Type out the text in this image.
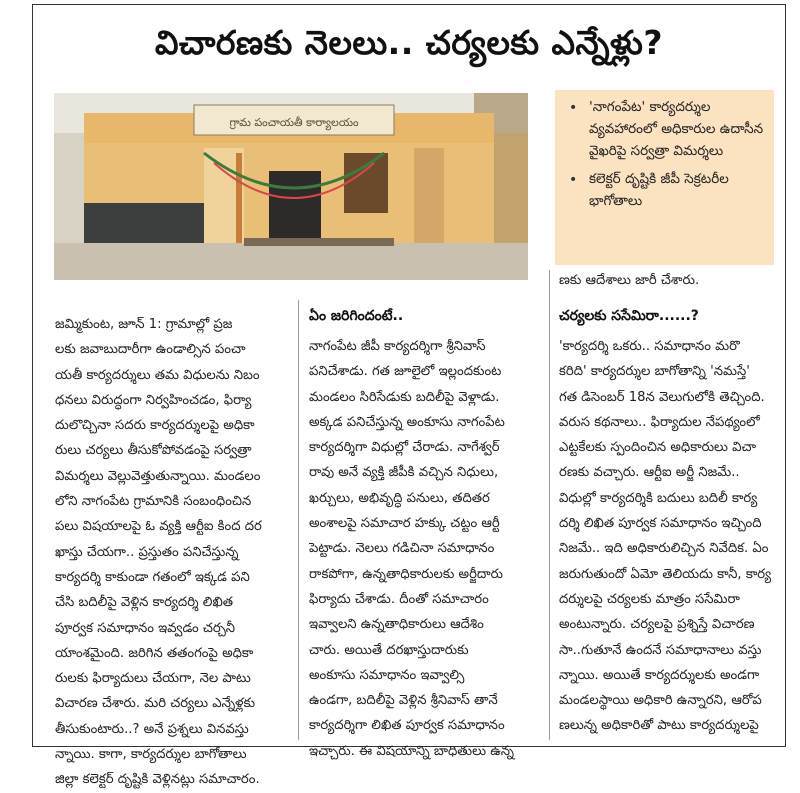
విచారణకు నెలలు.. చర్యలకు ఎన్నేళ్లు?
గ్రామ పంచాయతీ కార్యాలయం
• 'నాగంపేట' కార్యదర్శుల వ్యవహారంలో అధికారుల ఉదాసీన వైఖరిపై సర్వత్రా విమర్శలు
• కలెక్టర్‌ దృష్టికి జీపీ సెక్రటరీల భాగోతాలు

జమ్మికుంట, జూన్‌ 1: గ్రామాల్లో ప్రజ
లకు జవాబుదారీగా ఉండాల్సిన పంచా
యతీ కార్యదర్శులు తమ విధులను నిబం
ధనలు విరుద్ధంగా నిర్వహించడం, ఫిర్యా
దులొచ్చినా సదరు కార్యదర్శులపై అధికా
రులు చర్యలు తీసుకోపోవడంపై సర్వత్రా
విమర్శలు వెల్లువెత్తుతున్నాయి. మండలం
లోని నాగంపేట గ్రామానికి సంబంధించిన
పలు విషయాలపై ఓ వ్యక్తి ఆర్టీఐ కింద దర
ఖాస్తు చేయగా.. ప్రస్తుతం పనిచేస్తున్న
కార్యదర్శి కాకుండా గతంలో ఇక్కడ పని
చేసి బదిలీపై వెళ్లిన కార్యదర్శి లిఖిత
పూర్వక సమాధానం ఇవ్వడం చర్చనీ
యాంశమైంది. జరిగిన తతంగంపై అధికా
రులకు ఫిర్యాదులు చేయగా, నెల పాటు
విచారణ చేశారు. మరి చర్యలు ఎన్నేళ్లకు
తీసుకుంటారు..? అనే ప్రశ్నలు వినవస్తు
న్నాయి. కాగా, కార్యదర్శుల బాగోతాలు
జిల్లా కలెక్టర్‌ దృష్టికి వెళ్లినట్లు సమాచారం.

ఏం జరిగిందంటే..

నాగంపేట జీపీ కార్యదర్శిగా శ్రీనివాస్‌
పనిచేశాడు. గత జూలైలో ఇల్లందకుంట
మండలం సిరిసేడుకు బదిలీపై వెళ్లాడు.
అక్కడ పనిచేస్తున్న అంకూసు నాగంపేట
కార్యదర్శిగా విధుల్లో చేరాడు. నాగేశ్వర్‌
రావు అనే వ్యక్తి జీపీకి వచ్చిన నిధులు,
ఖర్చులు, అభివృద్ధి పనులు, తదితర
అంశాలపై సమాచార హక్కు చట్టం ఆర్టీ
పెట్టాడు. నెలలు గడిచినా సమాధానం
రాకపోగా, ఉన్నతాధికారులకు అర్జీదారు
ఫిర్యాదు చేశాడు. దీంతో సమాచారం
ఇవ్వాలని ఉన్నతాధికారులు ఆదేశిం
చారు. అయితే దరఖాస్తుదారుకు
అంకూసు సమాధానం ఇవ్వాల్సి
ఉండగా, బదిలీపై వెళ్లిన శ్రీనివాస్‌ తానే
కార్యదర్శిగా లిఖిత పూర్వక సమాధానం
ఇచ్చారు. ఈ విషయాన్ని బాధితులు ఉన్న

ణకు ఆదేశాలు జారీ చేశారు.
చర్యలకు ససేమిరా......?

'కార్యదర్శి ఒకరు.. సమాధానం మరొ
కరిది' కార్యదర్శుల బాగోతాన్ని 'నమస్తే'
గత డిసెంబర్‌ 18న వెలుగులోకి తెచ్చింది.
వరుస కథనాలు.. ఫిర్యాదుల నేపథ్యంలో
ఎట్టకేలకు స్పందించిన అధికారులు విచా
రణకు వచ్చారు. ఆర్టీఐ అర్జీ నిజమే..
విధుల్లో కార్యదర్శికి బదులు బదిలీ కార్య
దర్శి లిఖిత పూర్వక సమాధానం ఇచ్చింది
నిజమే.. ఇది అధికారులిచ్చిన నివేదిక. ఏం
జరుగుతుందో ఏమో తెలియదు కానీ, కార్య
దర్శులపై చర్యలకు మాత్రం ససేమిరా
అంటున్నారు. చర్యలపై ప్రశ్నిస్తే విచారణ
సా..గుతూనే ఉందనే సమాధానాలు వస్తు
న్నాయి. అయితే కార్యదర్శులకు అండగా
మండలస్థాయి అధికారి ఉన్నారని, ఆరోప
ణలున్న అధికారితో పాటు కార్యదర్శులపై
